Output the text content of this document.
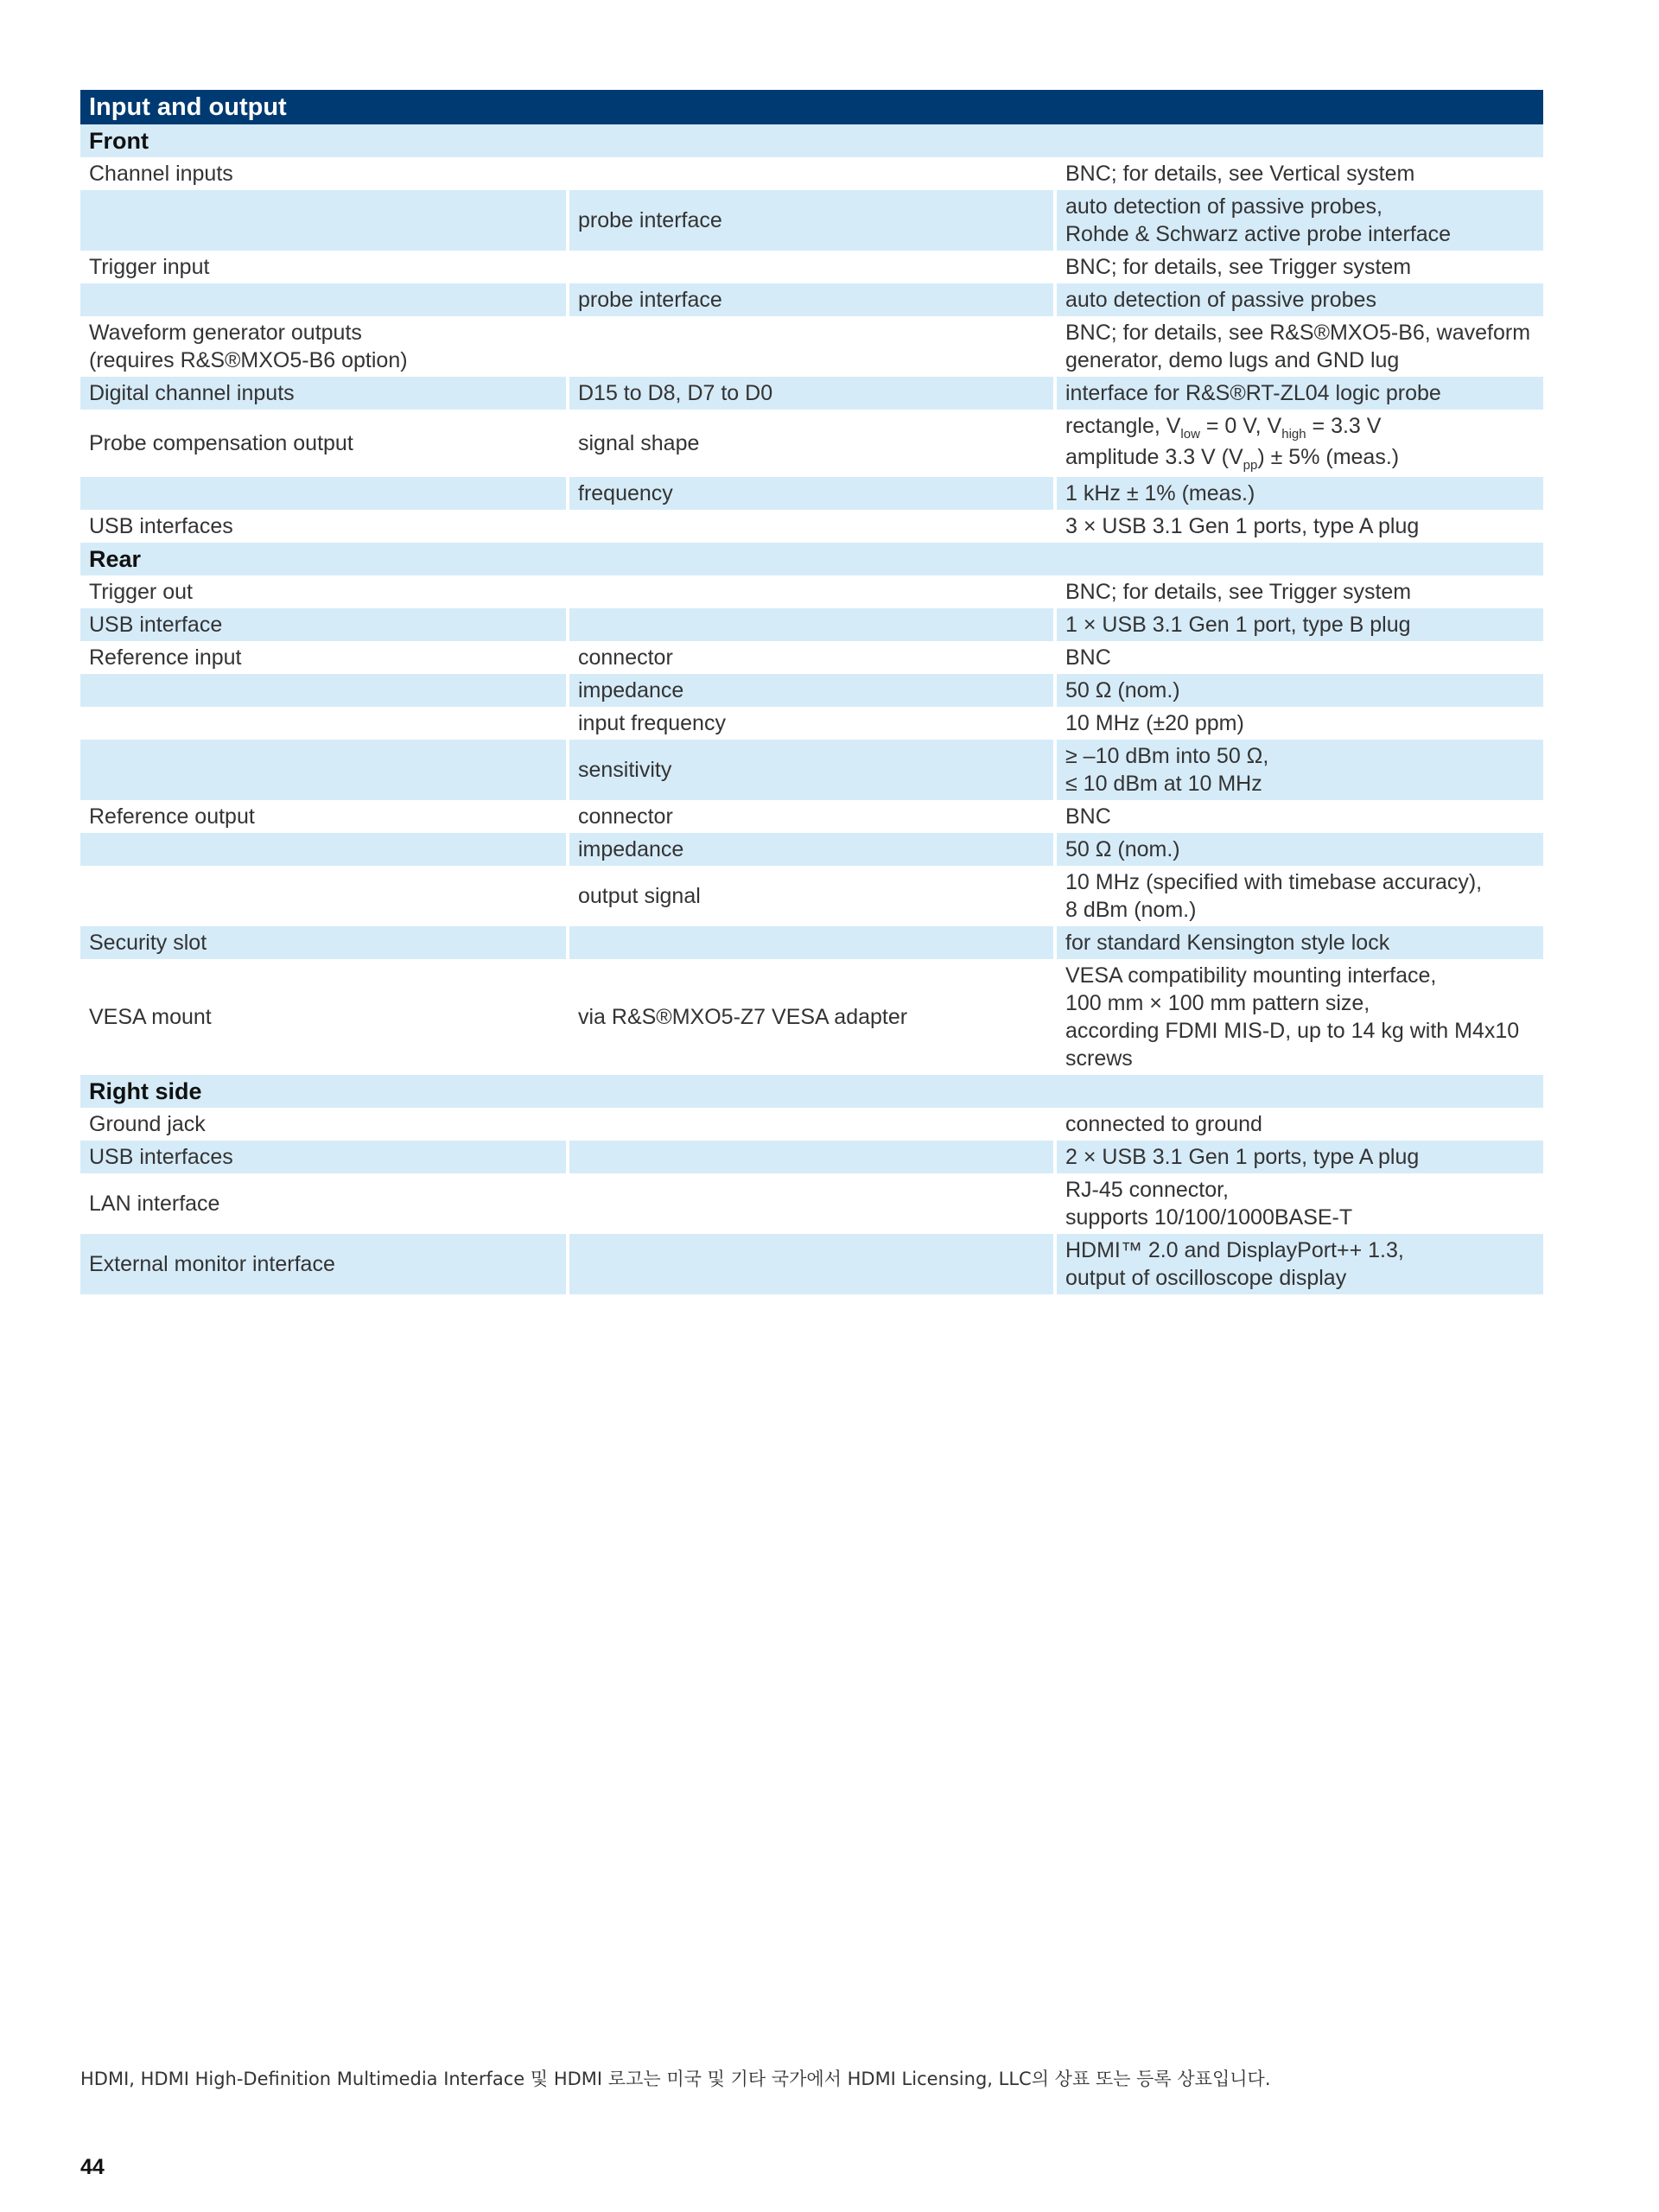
Input and output		
Front		
Channel inputs		BNC; for details, see Vertical system
	probe interface	auto detection of passive probes,
Rohde & Schwarz active probe interface
Trigger input		BNC; for details, see Trigger system
	probe interface	auto detection of passive probes
Waveform generator outputs
(requires R&S®MXO5-B6 option)		BNC; for details, see R&S®MXO5-B6, waveform
generator, demo lugs and GND lug
Digital channel inputs	D15 to D8, D7 to D0	interface for R&S®RT-ZL04 logic probe
Probe compensation output	signal shape	rectangle, $V_{low} = 0$ V, $V_{high} = 3.3$ V
amplitude 3.3 V $(V_{pp}) \pm 5\%$ (meas.)
	frequency	1 kHz ± 1% (meas.)
USB interfaces		3 × USB 3.1 Gen 1 ports, type A plug
Rear		
Trigger out		BNC; for details, see Trigger system
USB interface		1 × USB 3.1 Gen 1 port, type B plug
Reference input	connector	BNC
	impedance	50 Ω (nom.)
	input frequency	10 MHz (±20 ppm)
	sensitivity	≥ –10 dBm into 50 Ω,
≤ 10 dBm at 10 MHz
Reference output	connector	BNC
	impedance	50 Ω (nom.)
	output signal	10 MHz (specified with timebase accuracy),
8 dBm (nom.)
Security slot		for standard Kensington style lock
VESA mount	via R&S®MXO5-Z7 VESA adapter	VESA compatibility mounting interface,
100 mm × 100 mm pattern size,
according FDMI MIS-D, up to 14 kg with M4x10
screws
Right side		
Ground jack		connected to ground
USB interfaces		2 × USB 3.1 Gen 1 ports, type A plug
LAN interface		RJ-45 connector,
supports 10/100/1000BASE-T
External monitor interface		HDMI™ 2.0 and DisplayPort++ 1.3,
output of oscilloscope display
HDMI, HDMI High-Definition Multimedia Interface 및 HDMI 로고는 미국 및 기타 국가에서 HDMI Licensing, LLC의 상표 또는 등록 상표입니다.
44
